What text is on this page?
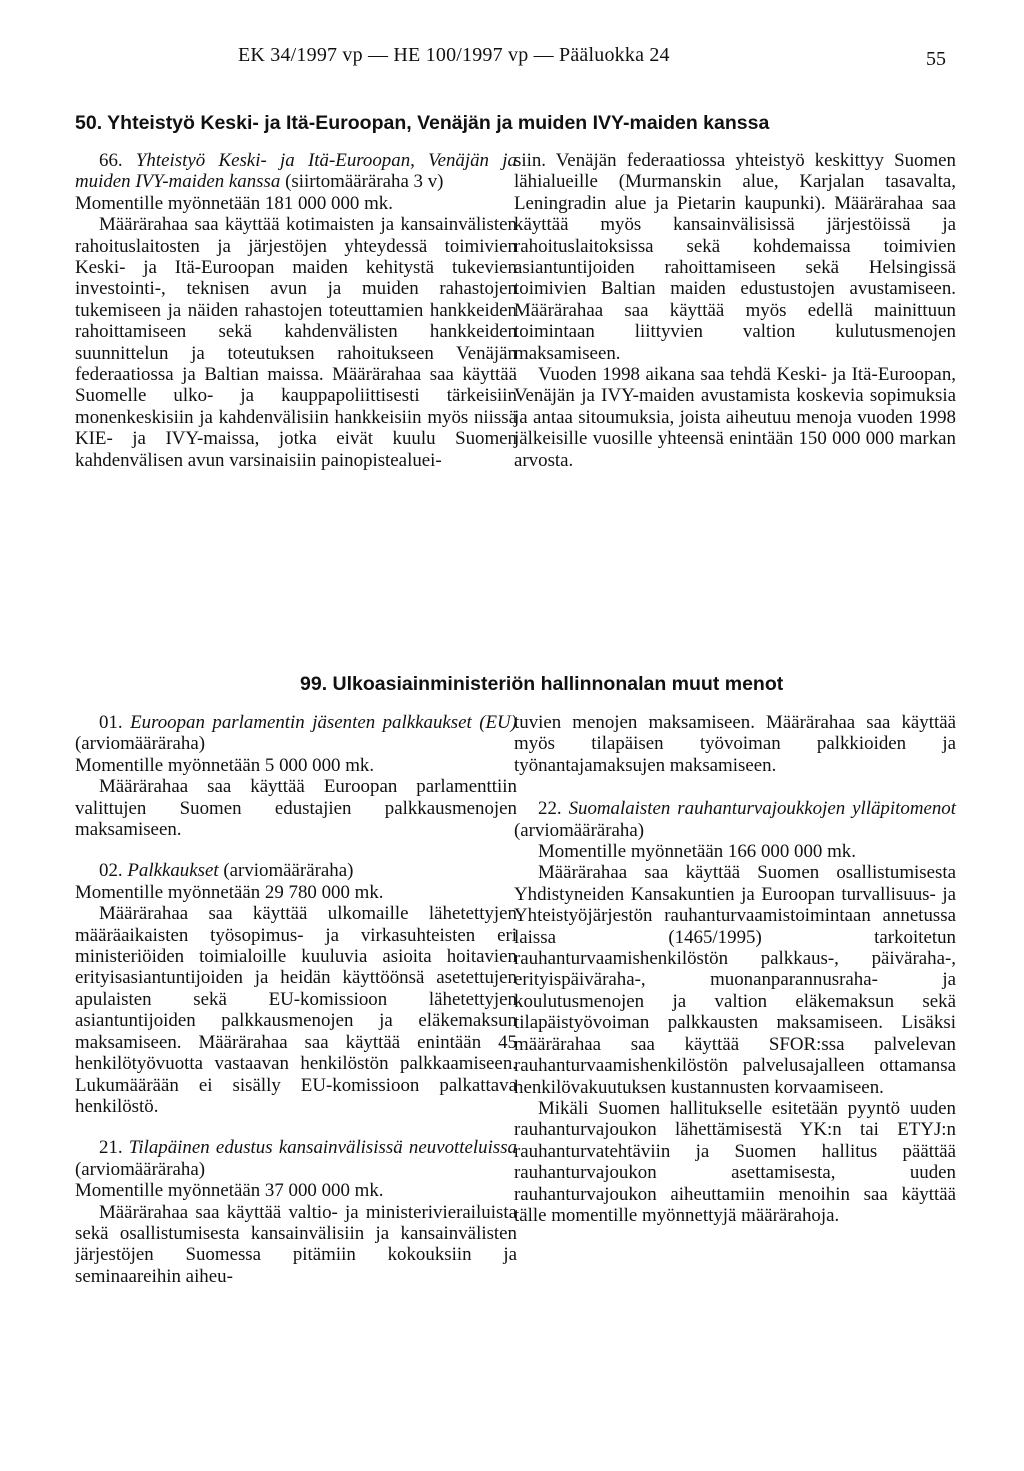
EK 34/1997 vp — HE 100/1997 vp — Pääluokka 24	55
50. Yhteistyö Keski- ja Itä-Euroopan, Venäjän ja muiden IVY-maiden kanssa

66. Yhteistyö Keski- ja Itä-Euroopan, Venäjän ja muiden IVY-maiden kanssa (siirtomääräraha 3 v)

Momentille myönnetään 181 000 000 mk.

Määrärahaa saa käyttää kotimaisten ja kansainvälisten rahoituslaitosten ja järjestöjen yhteydessä toimivien Keski- ja Itä-Euroopan maiden kehitystä tukevien investointi-, teknisen avun ja muiden rahastojen tukemiseen ja näiden rahastojen toteuttamien hankkeiden rahoittamiseen sekä kahdenvälisten hankkeiden suunnittelun ja toteutuksen rahoitukseen Venäjän federaatiossa ja Baltian maissa. Määrärahaa saa käyttää Suomelle ulko- ja kauppapoliittisesti tärkeisiin monenkeskisiin ja kahdenvälisiin hankkeisiin myös niissä KIE- ja IVY-maissa, jotka eivät kuulu Suomen kahdenvälisen avun varsinaisiin painopistealuei-

siin. Venäjän federaatiossa yhteistyö keskittyy Suomen lähialueille (Murmanskin alue, Karjalan tasavalta, Leningradin alue ja Pietarin kaupunki). Määrärahaa saa käyttää myös kansainvälisissä järjestöissä ja rahoituslaitoksissa sekä kohdemaissa toimivien asiantuntijoiden rahoittamiseen sekä Helsingissä toimivien Baltian maiden edustustojen avustamiseen. Määrärahaa saa käyttää myös edellä mainittuun toimintaan liittyvien valtion kulutusmenojen maksamiseen.

Vuoden 1998 aikana saa tehdä Keski- ja Itä-Euroopan, Venäjän ja IVY-maiden avustamista koskevia sopimuksia ja antaa sitoumuksia, joista aiheutuu menoja vuoden 1998 jälkeisille vuosille yhteensä enintään 150 000 000 markan arvosta.

99. Ulkoasiainministeriön hallinnonalan muut menot

01. Euroopan parlamentin jäsenten palkkaukset (EU) (arviomääräraha)

Momentille myönnetään 5 000 000 mk.

Määrärahaa saa käyttää Euroopan parlamenttiin valittujen Suomen edustajien palkkausmenojen maksamiseen.

02. Palkkaukset (arviomääräraha)

Momentille myönnetään 29 780 000 mk.

Määrärahaa saa käyttää ulkomaille lähetettyjen määräaikaisten työsopimus- ja virkasuhteisten eri ministeriöiden toimialoille kuuluvia asioita hoitavien erityisasiantuntijoiden ja heidän käyttöönsä asetettujen apulaisten sekä EU-komissioon lähetettyjen asiantuntijoiden palkkausmenojen ja eläkemaksun maksamiseen. Määrärahaa saa käyttää enintään 45 henkilötyövuotta vastaavan henkilöstön palkkaamiseen. Lukumäärään ei sisälly EU-komissioon palkattava henkilöstö.

21. Tilapäinen edustus kansainvälisissä neuvotteluissa (arviomääräraha)

Momentille myönnetään 37 000 000 mk.

Määrärahaa saa käyttää valtio- ja ministerivierailuista sekä osallistumisesta kansainvälisiin ja kansainvälisten järjestöjen Suomessa pitämiin kokouksiin ja seminaareihin aiheu-

tuvien menojen maksamiseen. Määrärahaa saa käyttää myös tilapäisen työvoiman palkkioiden ja työnantajamaksujen maksamiseen.

22. Suomalaisten rauhanturvajoukkojen ylläpitomenot (arviomääräraha)

Momentille myönnetään 166 000 000 mk.

Määrärahaa saa käyttää Suomen osallistumisesta Yhdistyneiden Kansakuntien ja Euroopan turvallisuus- ja Yhteistyöjärjestön rauhanturvaamistoimintaan annetussa laissa (1465/1995) tarkoitetun rauhanturvaamishenkilöstön palkkaus-, päiväraha-, erityispäiväraha-, muonanparannusraha- ja koulutusmenojen ja valtion eläkemaksun sekä tilapäistyövoiman palkkausten maksamiseen. Lisäksi määrärahaa saa käyttää SFOR:ssa palvelevan rauhanturvaamishenkilöstön palvelusajalleen ottamansa henkilövakuutuksen kustannusten korvaamiseen.

Mikäli Suomen hallitukselle esitetään pyyntö uuden rauhanturvajoukon lähettämisestä YK:n tai ETYJ:n rauhanturvatehtäviin ja Suomen hallitus päättää rauhanturvajoukon asettamisesta, uuden rauhanturvajoukon aiheuttamiin menoihin saa käyttää tälle momentille myönnettyjä määrärahoja.
